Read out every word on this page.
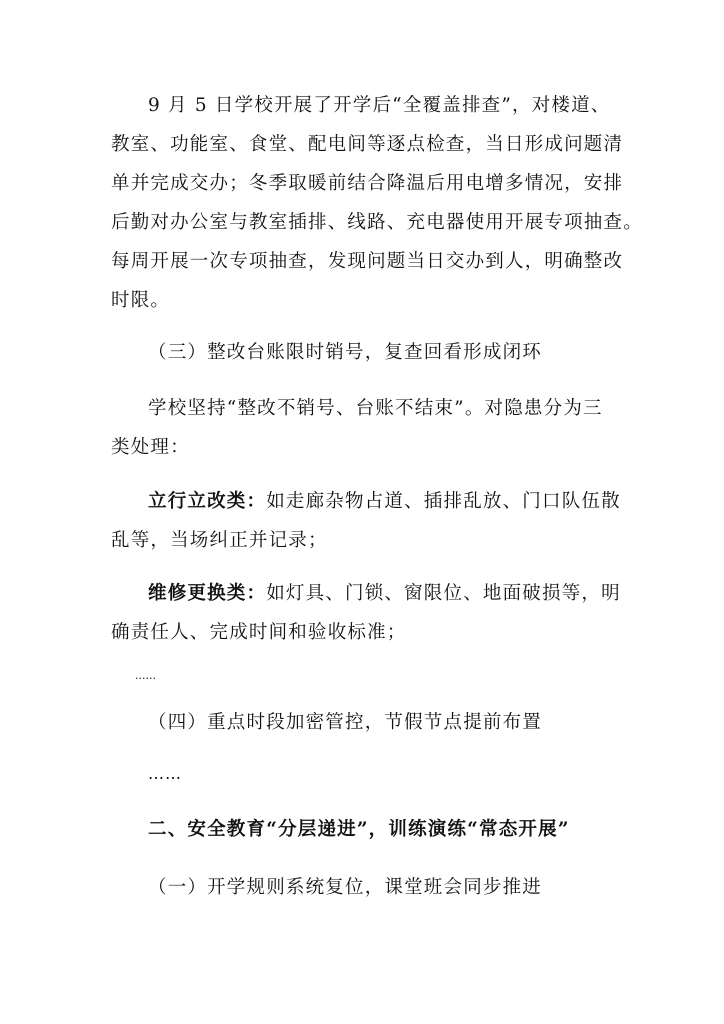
9 月 5 日学校开展了开学后“全覆盖排查”，对楼道、
教室、功能室、食堂、配电间等逐点检查，当日形成问题清
单并完成交办；冬季取暖前结合降温后用电增多情况，安排
后勤对办公室与教室插排、线路、充电器使用开展专项抽查。
每周开展一次专项抽查，发现问题当日交办到人，明确整改
时限。
（三）整改台账限时销号，复查回看形成闭环
学校坚持“整改不销号、台账不结束”。对隐患分为三
类处理：
立行立改类：如走廊杂物占道、插排乱放、门口队伍散
乱等，当场纠正并记录；
维修更换类：如灯具、门锁、窗限位、地面破损等，明
确责任人、完成时间和验收标准；
......
（四）重点时段加密管控，节假节点提前布置
……
二、安全教育“分层递进”，训练演练“常态开展”
（一）开学规则系统复位，课堂班会同步推进
